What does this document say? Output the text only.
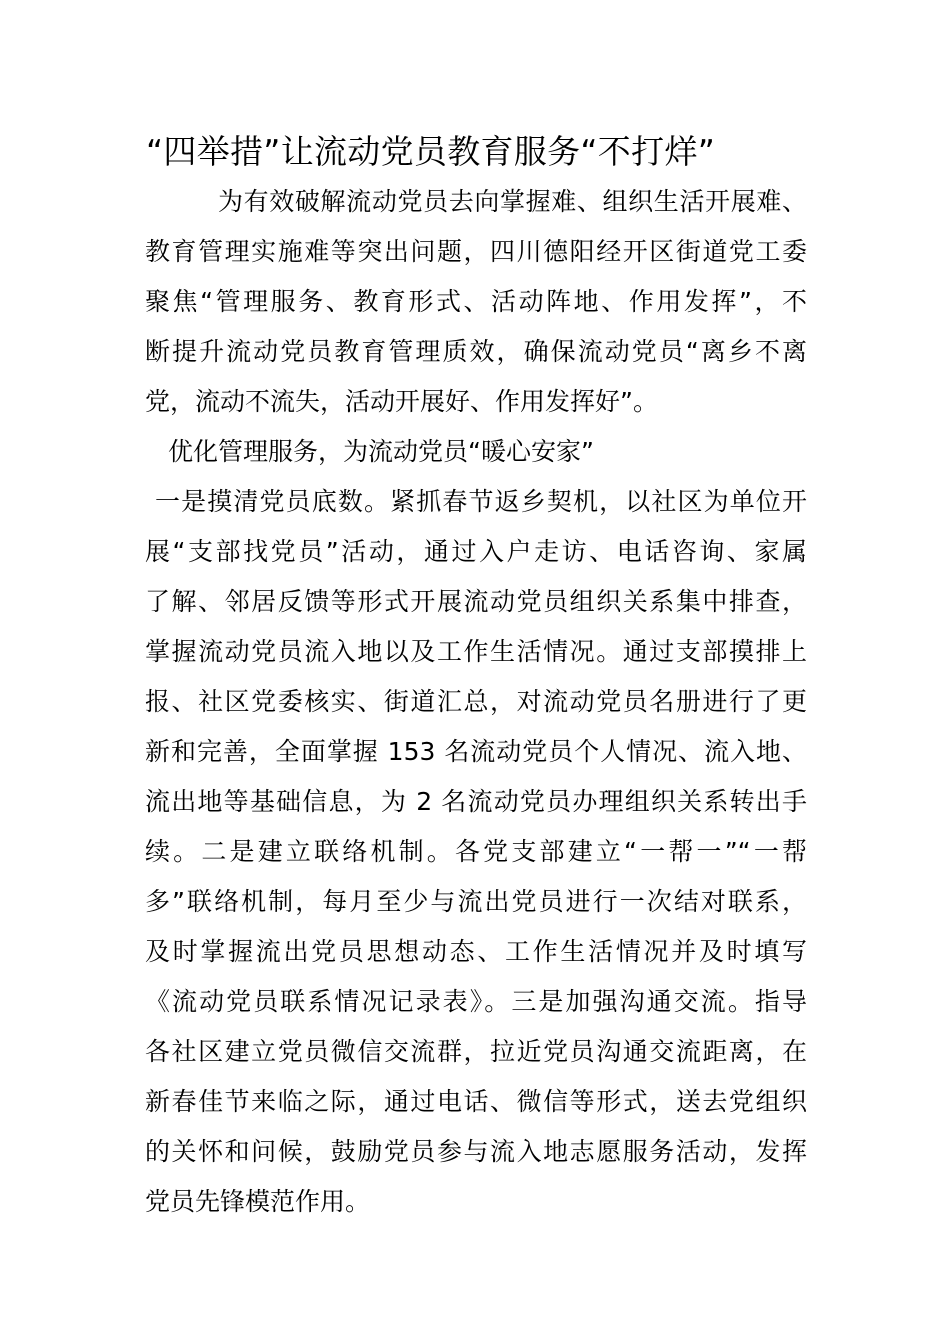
“四举措”让流动党员教育服务“不打烊”
为有效破解流动党员去向掌握难、组织生活开展难、
教育管理实施难等突出问题，四川德阳经开区街道党工委
聚焦“管理服务、教育形式、活动阵地、作用发挥”，不
断提升流动党员教育管理质效，确保流动党员“离乡不离
党，流动不流失，活动开展好、作用发挥好”。
优化管理服务，为流动党员“暖心安家”
一是摸清党员底数。紧抓春节返乡契机，以社区为单位开
展“支部找党员”活动，通过入户走访、电话咨询、家属
了解、邻居反馈等形式开展流动党员组织关系集中排查，
掌握流动党员流入地以及工作生活情况。通过支部摸排上
报、社区党委核实、街道汇总，对流动党员名册进行了更
新和完善，全面掌握 153 名流动党员个人情况、流入地、
流出地等基础信息，为 2 名流动党员办理组织关系转出手
续。二是建立联络机制。各党支部建立“一帮一”“一帮
多”联络机制，每月至少与流出党员进行一次结对联系，
及时掌握流出党员思想动态、工作生活情况并及时填写
《流动党员联系情况记录表》。三是加强沟通交流。指导
各社区建立党员微信交流群，拉近党员沟通交流距离，在
新春佳节来临之际，通过电话、微信等形式，送去党组织
的关怀和问候，鼓励党员参与流入地志愿服务活动，发挥
党员先锋模范作用。
